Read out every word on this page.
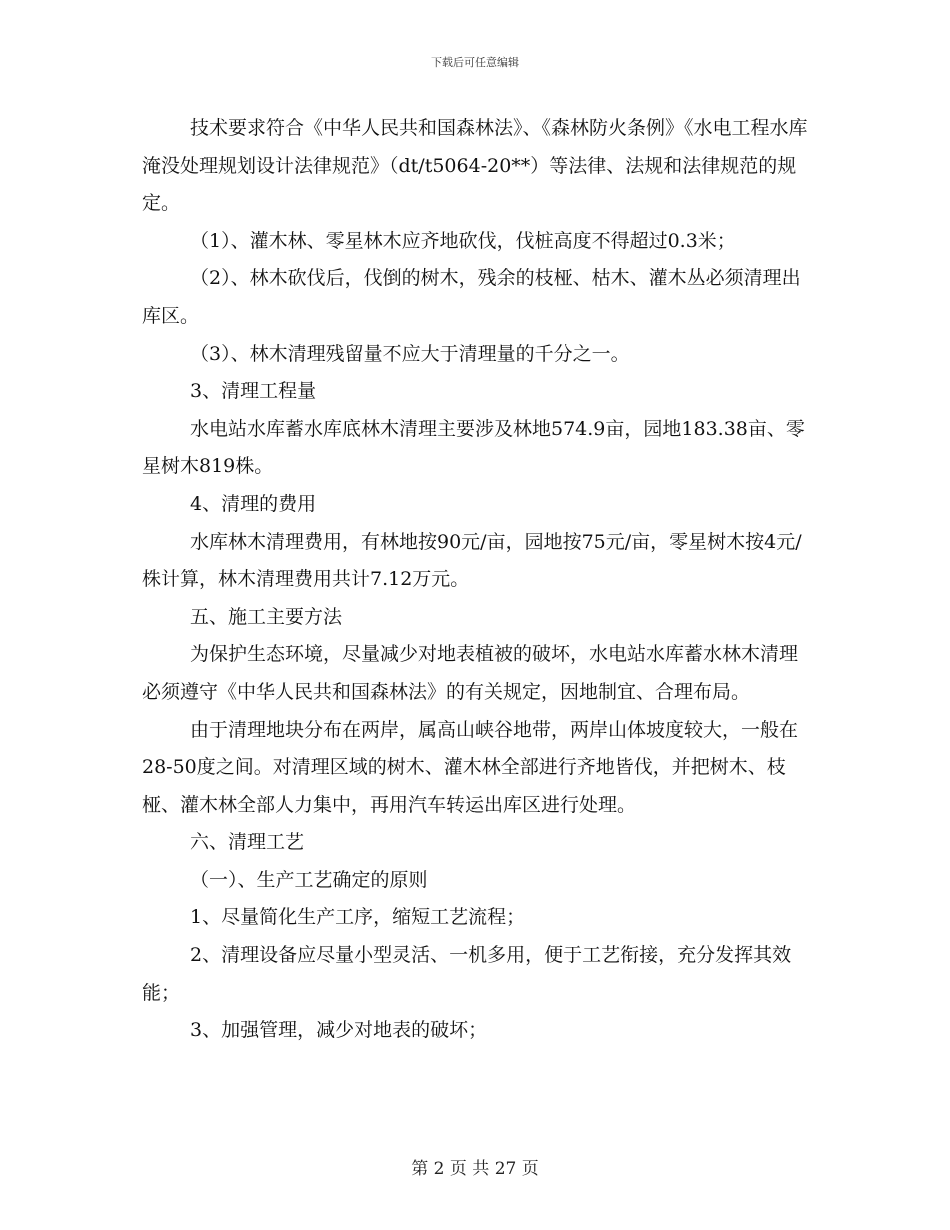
下载后可任意编辑

技术要求符合《中华人民共和国森林法》、《森林防火条例》《水电工程水库淹没处理规划设计法律规范》（dt/t5064-20**）等法律、法规和法律规范的规定。

（1）、灌木林、零星林木应齐地砍伐，伐桩高度不得超过0.3米；

（2）、林木砍伐后，伐倒的树木，残余的枝桠、枯木、灌木丛必须清理出库区。

（3）、林木清理残留量不应大于清理量的千分之一。

3、清理工程量

水电站水库蓄水库底林木清理主要涉及林地574.9亩，园地183.38亩、零星树木819株。

4、清理的费用

水库林木清理费用，有林地按90元/亩，园地按75元/亩，零星树木按4元/株计算，林木清理费用共计7.12万元。

五、施工主要方法

为保护生态环境，尽量减少对地表植被的破坏，水电站水库蓄水林木清理必须遵守《中华人民共和国森林法》的有关规定，因地制宜、合理布局。

由于清理地块分布在两岸，属高山峡谷地带，两岸山体坡度较大，一般在28-50度之间。对清理区域的树木、灌木林全部进行齐地皆伐，并把树木、枝桠、灌木林全部人力集中，再用汽车转运出库区进行处理。

六、清理工艺

（一）、生产工艺确定的原则

1、尽量简化生产工序，缩短工艺流程；

2、清理设备应尽量小型灵活、一机多用，便于工艺衔接，充分发挥其效能；

3、加强管理，减少对地表的破坏；

第 2 页 共 27 页
